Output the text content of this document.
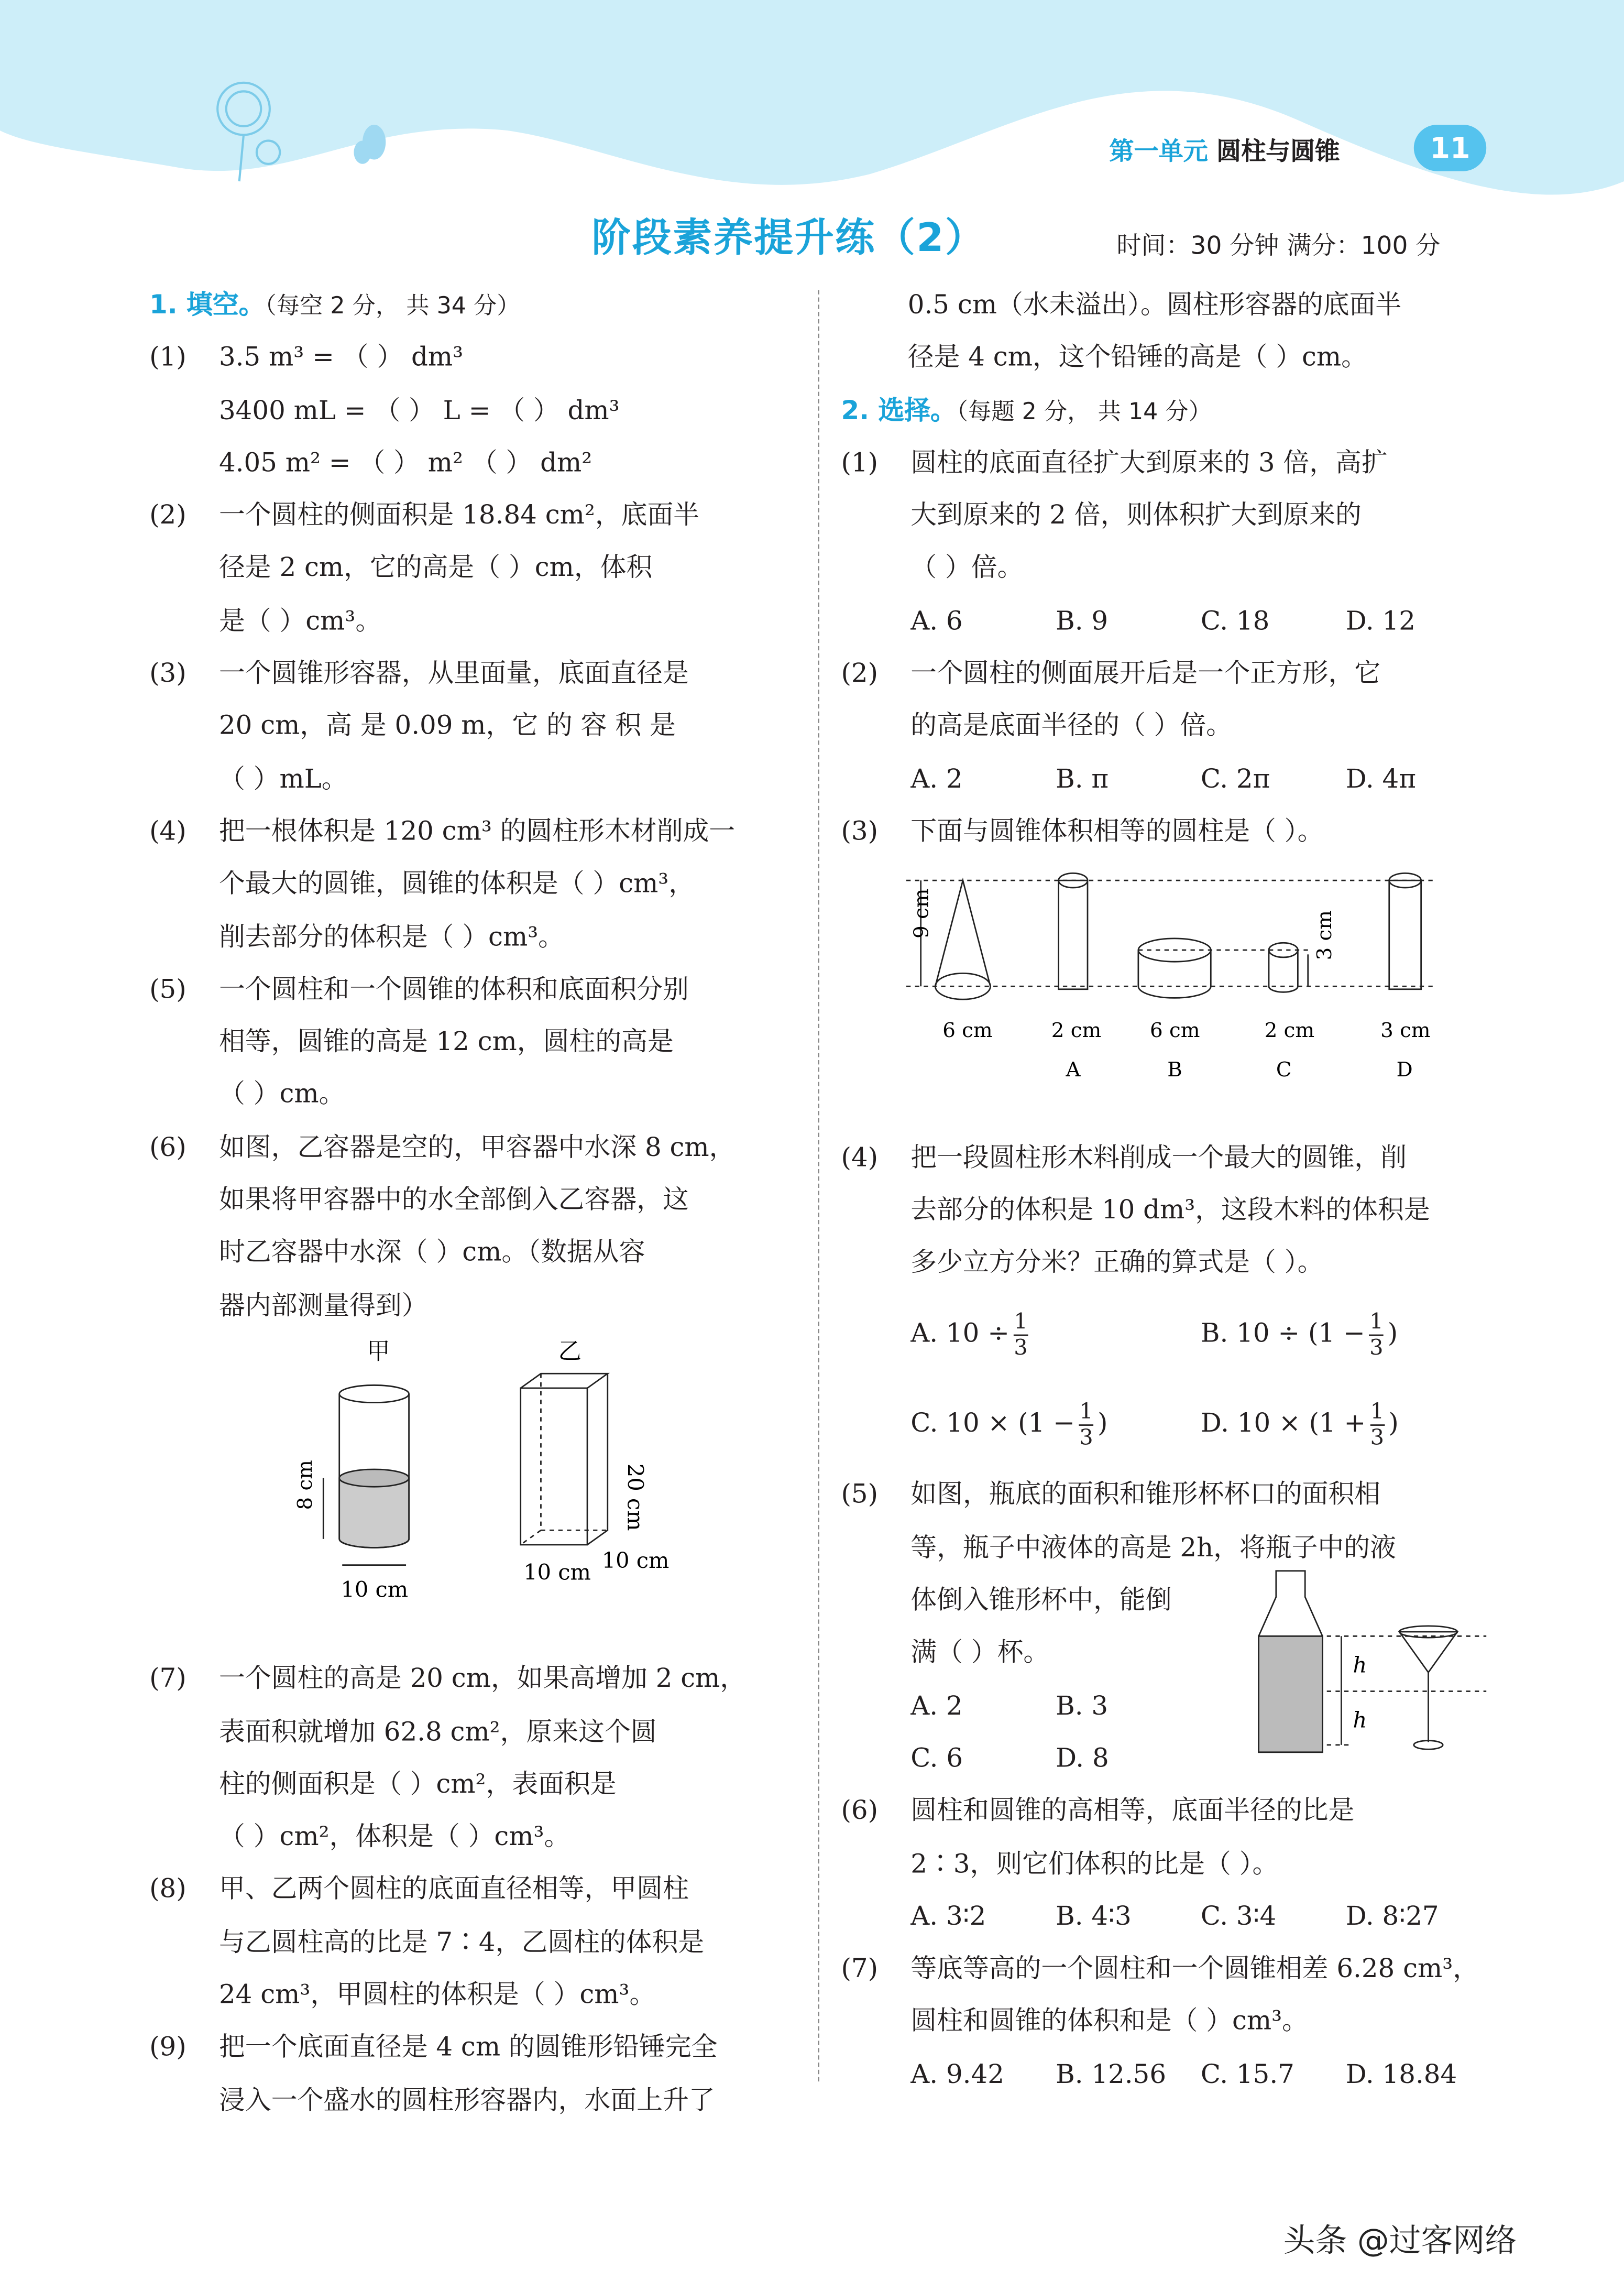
第一单元 圆柱与圆锥	11
阶段素养提升练（2）	时间：30 分钟 满分：100 分
1. 填空。（每空 2 分， 共 34 分）
(1)	3.5 m³ = （ ） dm³
3400 mL = （ ） L = （ ） dm³
4.05 m² = （ ） m² （ ） dm²
(2)	一个圆柱的侧面积是 18.84 cm²，底面半
径是 2 cm，它的高是（ ）cm，体积
是（ ）cm³。
(3)	一个圆锥形容器，从里面量，底面直径是
20 cm，高 是 0.09 m，它 的 容 积 是
（ ）mL。
(4)	把一根体积是 120 cm³ 的圆柱形木材削成一
个最大的圆锥，圆锥的体积是（ ）cm³，
削去部分的体积是（ ）cm³。
(5)	一个圆柱和一个圆锥的体积和底面积分别
相等，圆锥的高是 12 cm，圆柱的高是
（ ）cm。
(6)	如图，乙容器是空的，甲容器中水深 8 cm，
如果将甲容器中的水全部倒入乙容器，这
时乙容器中水深（ ）cm。（数据从容
器内部测量得到）
甲	乙
8 cm
10 cm
20 cm
10 cm 10 cm
(7)	一个圆柱的高是 20 cm，如果高增加 2 cm，
表面积就增加 62.8 cm²，原来这个圆
柱的侧面积是（ ）cm²，表面积是
（ ）cm²，体积是（ ）cm³。
(8)	甲、乙两个圆柱的底面直径相等，甲圆柱
与乙圆柱高的比是 7∶4，乙圆柱的体积是
24 cm³，甲圆柱的体积是（ ）cm³。
(9)	把一个底面直径是 4 cm 的圆锥形铅锤完全
浸入一个盛水的圆柱形容器内，水面上升了
0.5 cm（水未溢出）。圆柱形容器的底面半
径是 4 cm，这个铅锤的高是（ ）cm。
2. 选择。（每题 2 分， 共 14 分）
(1)	圆柱的底面直径扩大到原来的 3 倍，高扩
大到原来的 2 倍，则体积扩大到原来的
（ ）倍。
A. 6	B. 9	C. 18	D. 12
(2)	一个圆柱的侧面展开后是一个正方形，它
的高是底面半径的（ ）倍。
A. 2	B. π	C. 2π	D. 4π
(3)	下面与圆锥体积相等的圆柱是（ ）。
9 cm	3 cm
6 cm	2 cm	6 cm	2 cm	3 cm
A	B	C	D
(4)	把一段圆柱形木料削成一个最大的圆锥，削
去部分的体积是 10 dm³，这段木料的体积是
多少立方分米？正确的算式是（ ）。
A. $10 \div \frac{1}{3}$	B. $10 \div (1 - \frac{1}{3}$ )
C. $10 \times (1 - \frac{1}{3}$ )	D. $10 \times (1 + \frac{1}{3}$ )
(5)	如图，瓶底的面积和锥形杯杯口的面积相
等，瓶子中液体的高是 2h，将瓶子中的液
体倒入锥形杯中，能倒
满（ ）杯。
A. 2	B. 3
C. 6	D. 8
h
h
(6)	圆柱和圆锥的高相等，底面半径的比是
2∶3，则它们体积的比是（ ）。
A. 3∶2	B. 4∶3	C. 3∶4	D. 8∶27
(7)	等底等高的一个圆柱和一个圆锥相差 6.28 cm³，
圆柱和圆锥的体积和是（ ）cm³。
A. 9.42	B. 12.56	C. 15.7	D. 18.84
头条 @过客网络
